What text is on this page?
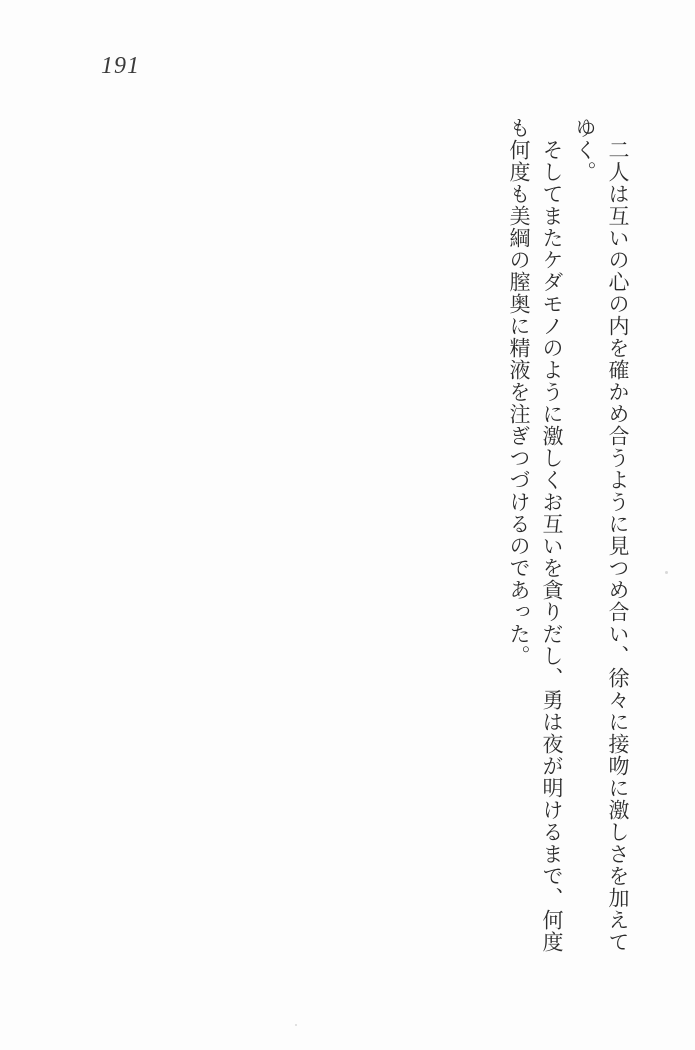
191

　二人は互いの心の内を確かめ合うように見つめ合い、徐々に接吻に激しさを加えてゆく。

　そしてまたケダモノのように激しくお互いを貪りだし、勇は夜が明けるまで、何度も何度も美綱の膣奥に精液を注ぎつづけるのであった。
